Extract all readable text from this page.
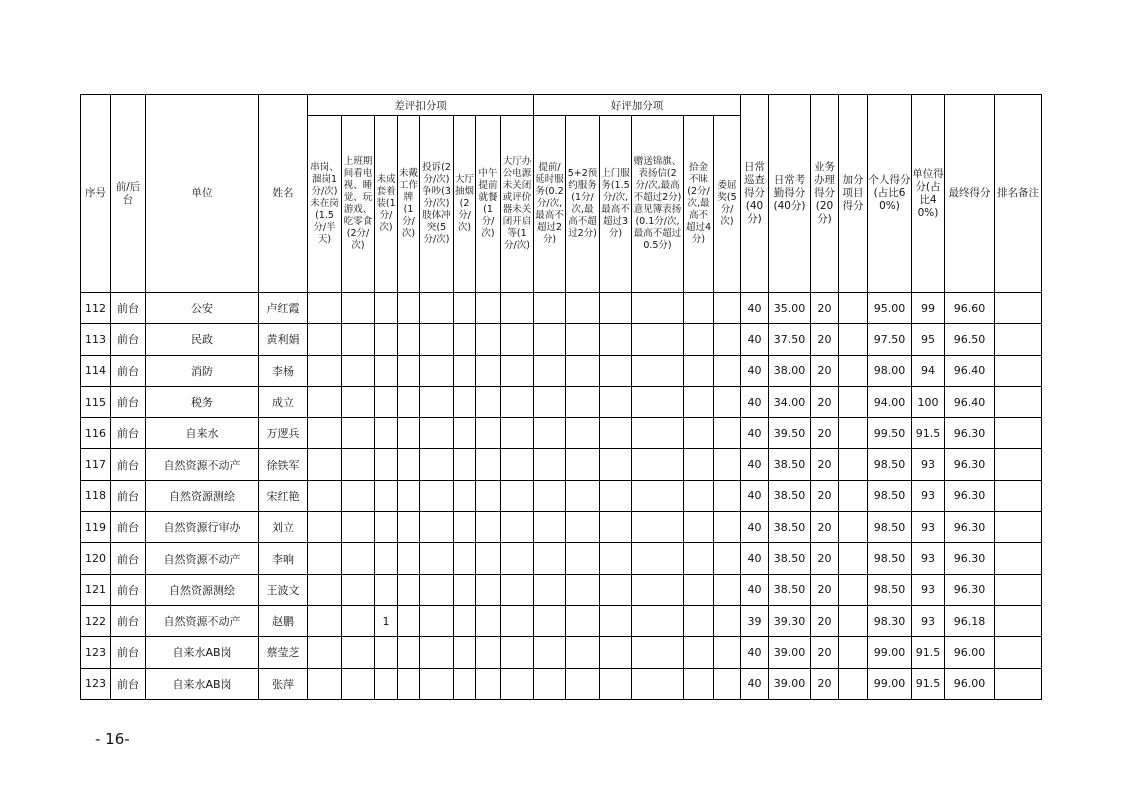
序号	前/后台	单位	姓名	差评扣分项								好评加分项						日常巡查得分(40分)	日常考勤得分(40分)	业务办理得分(20分)	加分项目得分	个人得分(占比60%)	单位得分(占比40%)	最终得分	排名备注
				串岗、溜岗1分/次)未在岗(1.5分/半天)	上班期间看电视、睡觉、玩游戏、吃零食(2分/次)	未成套着装(1分/次)	未戴工作牌(1分/次)	投诉(2分/次)争吵(3分/次)肢体冲突(5分/次)	大厅抽烟(2分/次)	中午提前就餐(1分/次)	大厅办公电源未关闭或评价器未关闭开启等(1分/次)	提前/延时服务(0.2分/次,最高不超过2分)	5+2预约服务(1分/次,最高不超过2分)	上门服务(1.5分/次,最高不超过3分)	赠送锦旗、表扬信(2分/次,最高不超过2分)意见簿表扬(0.1分/次,最高不超过0.5分)	拾金不昧(2分/次,最高不超过4分)	委屈奖(5分/次)								
112	前台	公安	卢红霞															40	35.00	20		95.00	99	96.60	
113	前台	民政	黄利娟															40	37.50	20		97.50	95	96.50	
114	前台	消防	李杨															40	38.00	20		98.00	94	96.40	
115	前台	税务	成立															40	34.00	20		94.00	100	96.40	
116	前台	自来水	万逻兵															40	39.50	20		99.50	91.5	96.30	
117	前台	自然资源不动产	徐铁军															40	38.50	20		98.50	93	96.30	
118	前台	自然资源测绘	宋红艳															40	38.50	20		98.50	93	96.30	
119	前台	自然资源行审办	刘立															40	38.50	20		98.50	93	96.30	
120	前台	自然资源不动产	李响															40	38.50	20		98.50	93	96.30	
121	前台	自然资源测绘	王波文															40	38.50	20		98.50	93	96.30	
122	前台	自然资源不动产	赵鹏			1												39	39.30	20		98.30	93	96.18	
123	前台	自来水AB岗	蔡莹芝															40	39.00	20		99.00	91.5	96.00	
123	前台	自来水AB岗	张萍															40	39.00	20		99.00	91.5	96.00	
- 16-
